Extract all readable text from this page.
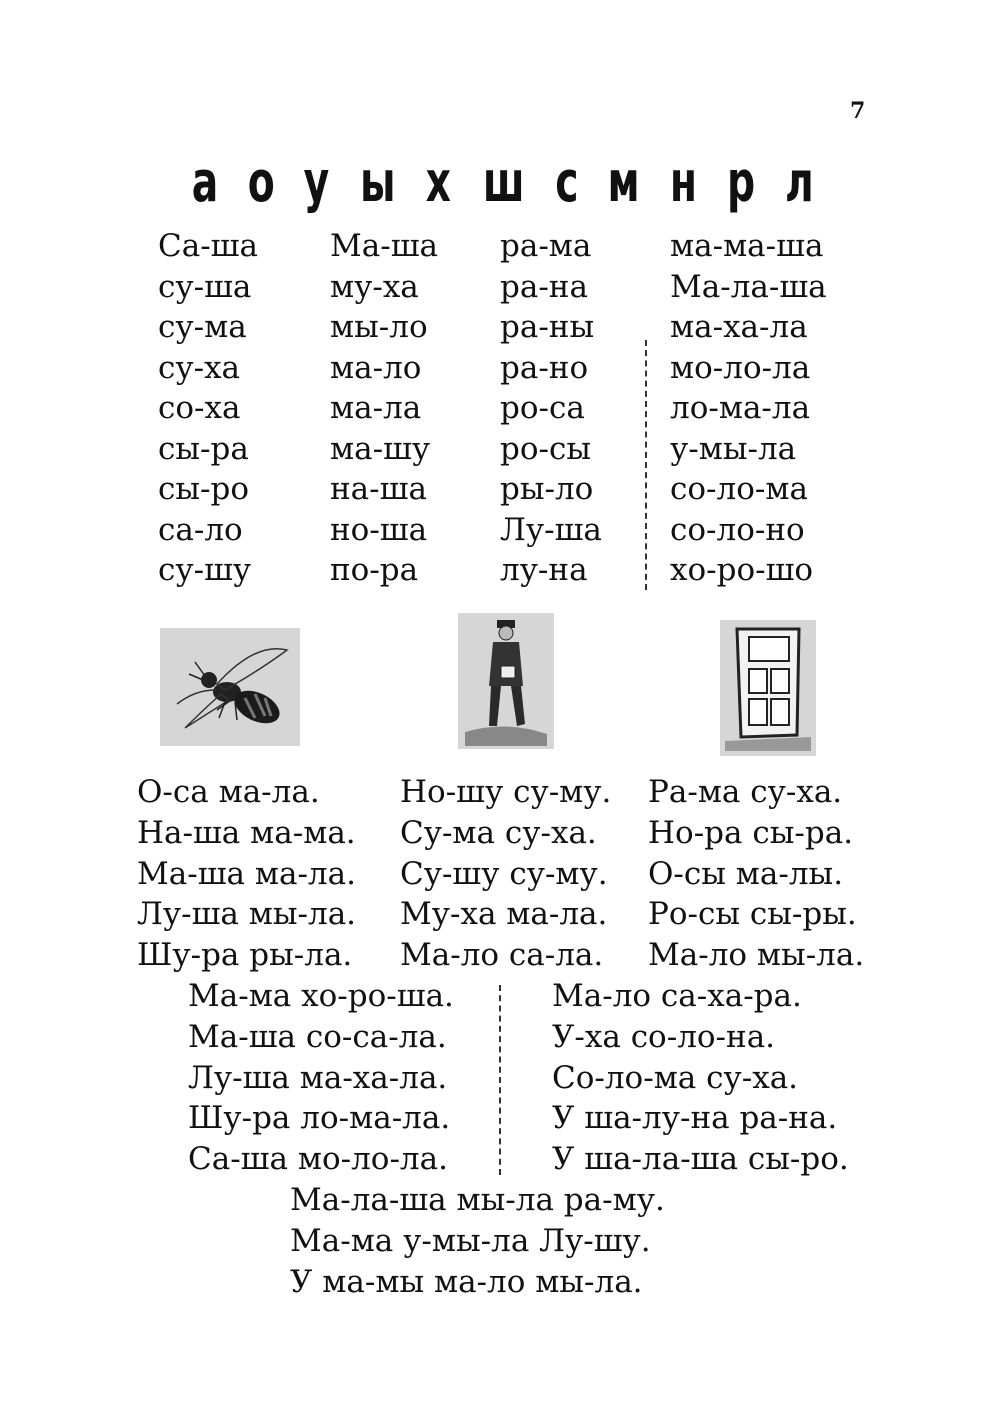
7
а о у ы х ш с м н р л
Са-ша
су-ша
су-ма
су-ха
со-ха
сы-ра
сы-ро
са-ло
су-шу
Ма-ша
му-ха
мы-ло
ма-ло
ма-ла
ма-шу
на-ша
но-ша
по-ра
ра-ма
ра-на
ра-ны
ра-но
ро-са
ро-сы
ры-ло
Лу-ша
лу-на
ма-ма-ша
Ма-ла-ша
ма-ха-ла
мо-ло-ла
ло-ма-ла
у-мы-ла
со-ло-ма
со-ло-но
хо-ро-шо
О-са ма-ла.
На-ша ма-ма.
Ма-ша ма-ла.
Лу-ша мы-ла.
Шу-ра ры-ла.
Но-шу су-му.
Су-ма су-ха.
Су-шу су-му.
Му-ха ма-ла.
Ма-ло са-ла.
Ра-ма су-ха.
Но-ра сы-ра.
О-сы ма-лы.
Ро-сы сы-ры.
Ма-ло мы-ла.
Ма-ма хо-ро-ша.
Ма-ша со-са-ла.
Лу-ша ма-ха-ла.
Шу-ра ло-ма-ла.
Са-ша мо-ло-ла.
Ма-ло са-ха-ра.
У-ха со-ло-на.
Со-ло-ма су-ха.
У ша-лу-на ра-на.
У ша-ла-ша сы-ро.
Ма-ла-ша мы-ла ра-му.
Ма-ма у-мы-ла Лу-шу.
У ма-мы ма-ло мы-ла.
